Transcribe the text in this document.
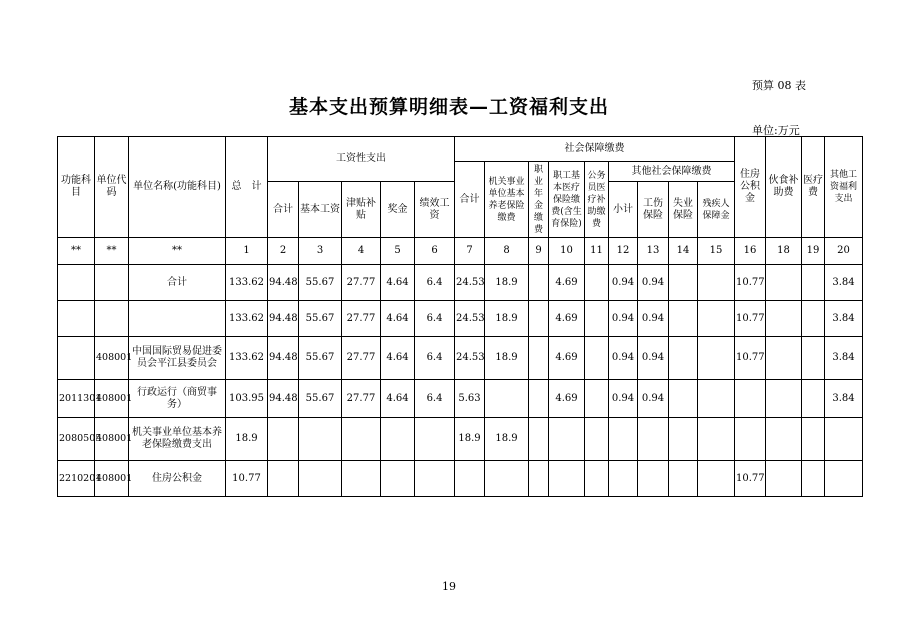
预算 08 表
基本支出预算明细表—工资福利支出
单位:万元
功能科目	单位代码	单位名称(功能科目)	总　计	工资性支出					社会保障缴费									住房公积金	伙食补助费	医疗费	其他工资福利支出
									合计	机关事业单位基本养老保险缴费	职业年金缴费	职工基本医疗保险缴费(含生育保险)	公务员医疗补助缴费	其他社会保障缴费							
				合计	基本工资	津贴补贴	奖金	绩效工资						小计	工伤保险	失业保险	残疾人保障金				
**	**	**	1	2	3	4	5	6	7	8	9	10	11	12	13	14	15	16	18	19	20
		合计	133.62	94.48	55.67	27.77	4.64	6.4	24.53	18.9		4.69		0.94	0.94			10.77			3.84
			133.62	94.48	55.67	27.77	4.64	6.4	24.53	18.9		4.69		0.94	0.94			10.77			3.84
	408001	中国国际贸易促进委员会平江县委员会	133.62	94.48	55.67	27.77	4.64	6.4	24.53	18.9		4.69		0.94	0.94			10.77			3.84
2011301	408001	行政运行（商贸事务）	103.95	94.48	55.67	27.77	4.64	6.4	5.63			4.69		0.94	0.94						3.84
2080505	408001	机关事业单位基本养老保险缴费支出	18.9						18.9	18.9											
2210201	408001	住房公积金	10.77															10.77			
19
